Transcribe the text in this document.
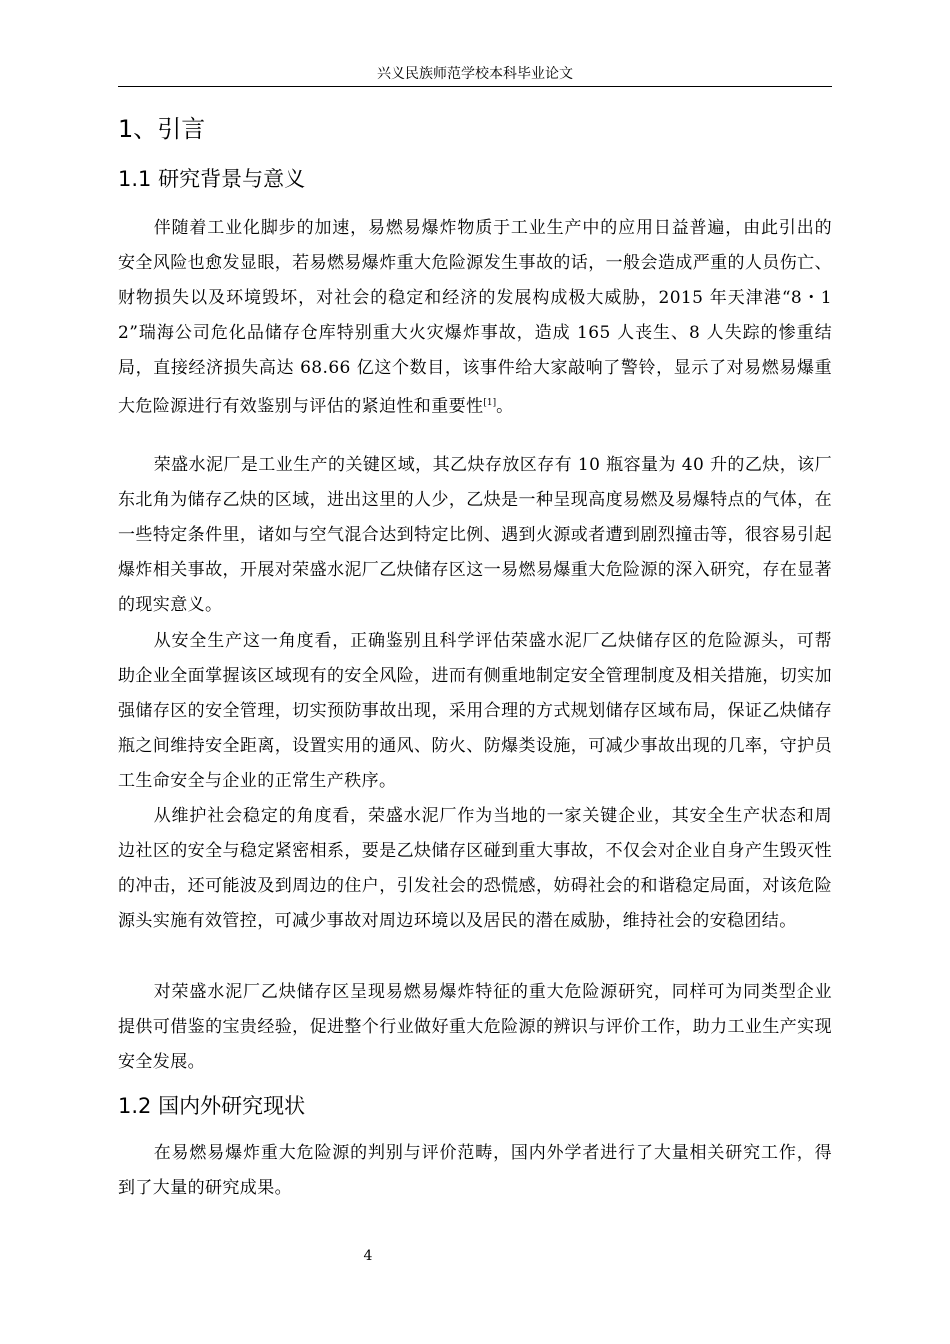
兴义民族师范学校本科毕业论文
1、引言
1.1 研究背景与意义
伴随着工业化脚步的加速，易燃易爆炸物质于工业生产中的应用日益普遍，由此引出的安全风险也愈发显眼，若易燃易爆炸重大危险源发生事故的话，一般会造成严重的人员伤亡、财物损失以及环境毁坏，对社会的稳定和经济的发展构成极大威胁，2015 年天津港“8・12”瑞海公司危化品储存仓库特别重大火灾爆炸事故，造成 165 人丧生、8 人失踪的惨重结局，直接经济损失高达 68.66 亿这个数目，该事件给大家敲响了警铃，显示了对易燃易爆重大危险源进行有效鉴别与评估的紧迫性和重要性[1]。
荣盛水泥厂是工业生产的关键区域，其乙炔存放区存有 10 瓶容量为 40 升的乙炔，该厂东北角为储存乙炔的区域，进出这里的人少，乙炔是一种呈现高度易燃及易爆特点的气体，在一些特定条件里，诸如与空气混合达到特定比例、遇到火源或者遭到剧烈撞击等，很容易引起爆炸相关事故，开展对荣盛水泥厂乙炔储存区这一易燃易爆重大危险源的深入研究，存在显著的现实意义。
从安全生产这一角度看，正确鉴别且科学评估荣盛水泥厂乙炔储存区的危险源头，可帮助企业全面掌握该区域现有的安全风险，进而有侧重地制定安全管理制度及相关措施，切实加强储存区的安全管理，切实预防事故出现，采用合理的方式规划储存区域布局，保证乙炔储存瓶之间维持安全距离，设置实用的通风、防火、防爆类设施，可减少事故出现的几率，守护员工生命安全与企业的正常生产秩序。
从维护社会稳定的角度看，荣盛水泥厂作为当地的一家关键企业，其安全生产状态和周边社区的安全与稳定紧密相系，要是乙炔储存区碰到重大事故，不仅会对企业自身产生毁灭性的冲击，还可能波及到周边的住户，引发社会的恐慌感，妨碍社会的和谐稳定局面，对该危险源头实施有效管控，可减少事故对周边环境以及居民的潜在威胁，维持社会的安稳团结。
对荣盛水泥厂乙炔储存区呈现易燃易爆炸特征的重大危险源研究，同样可为同类型企业提供可借鉴的宝贵经验，促进整个行业做好重大危险源的辨识与评价工作，助力工业生产实现安全发展。
1.2 国内外研究现状
在易燃易爆炸重大危险源的判别与评价范畴，国内外学者进行了大量相关研究工作，得到了大量的研究成果。
4
